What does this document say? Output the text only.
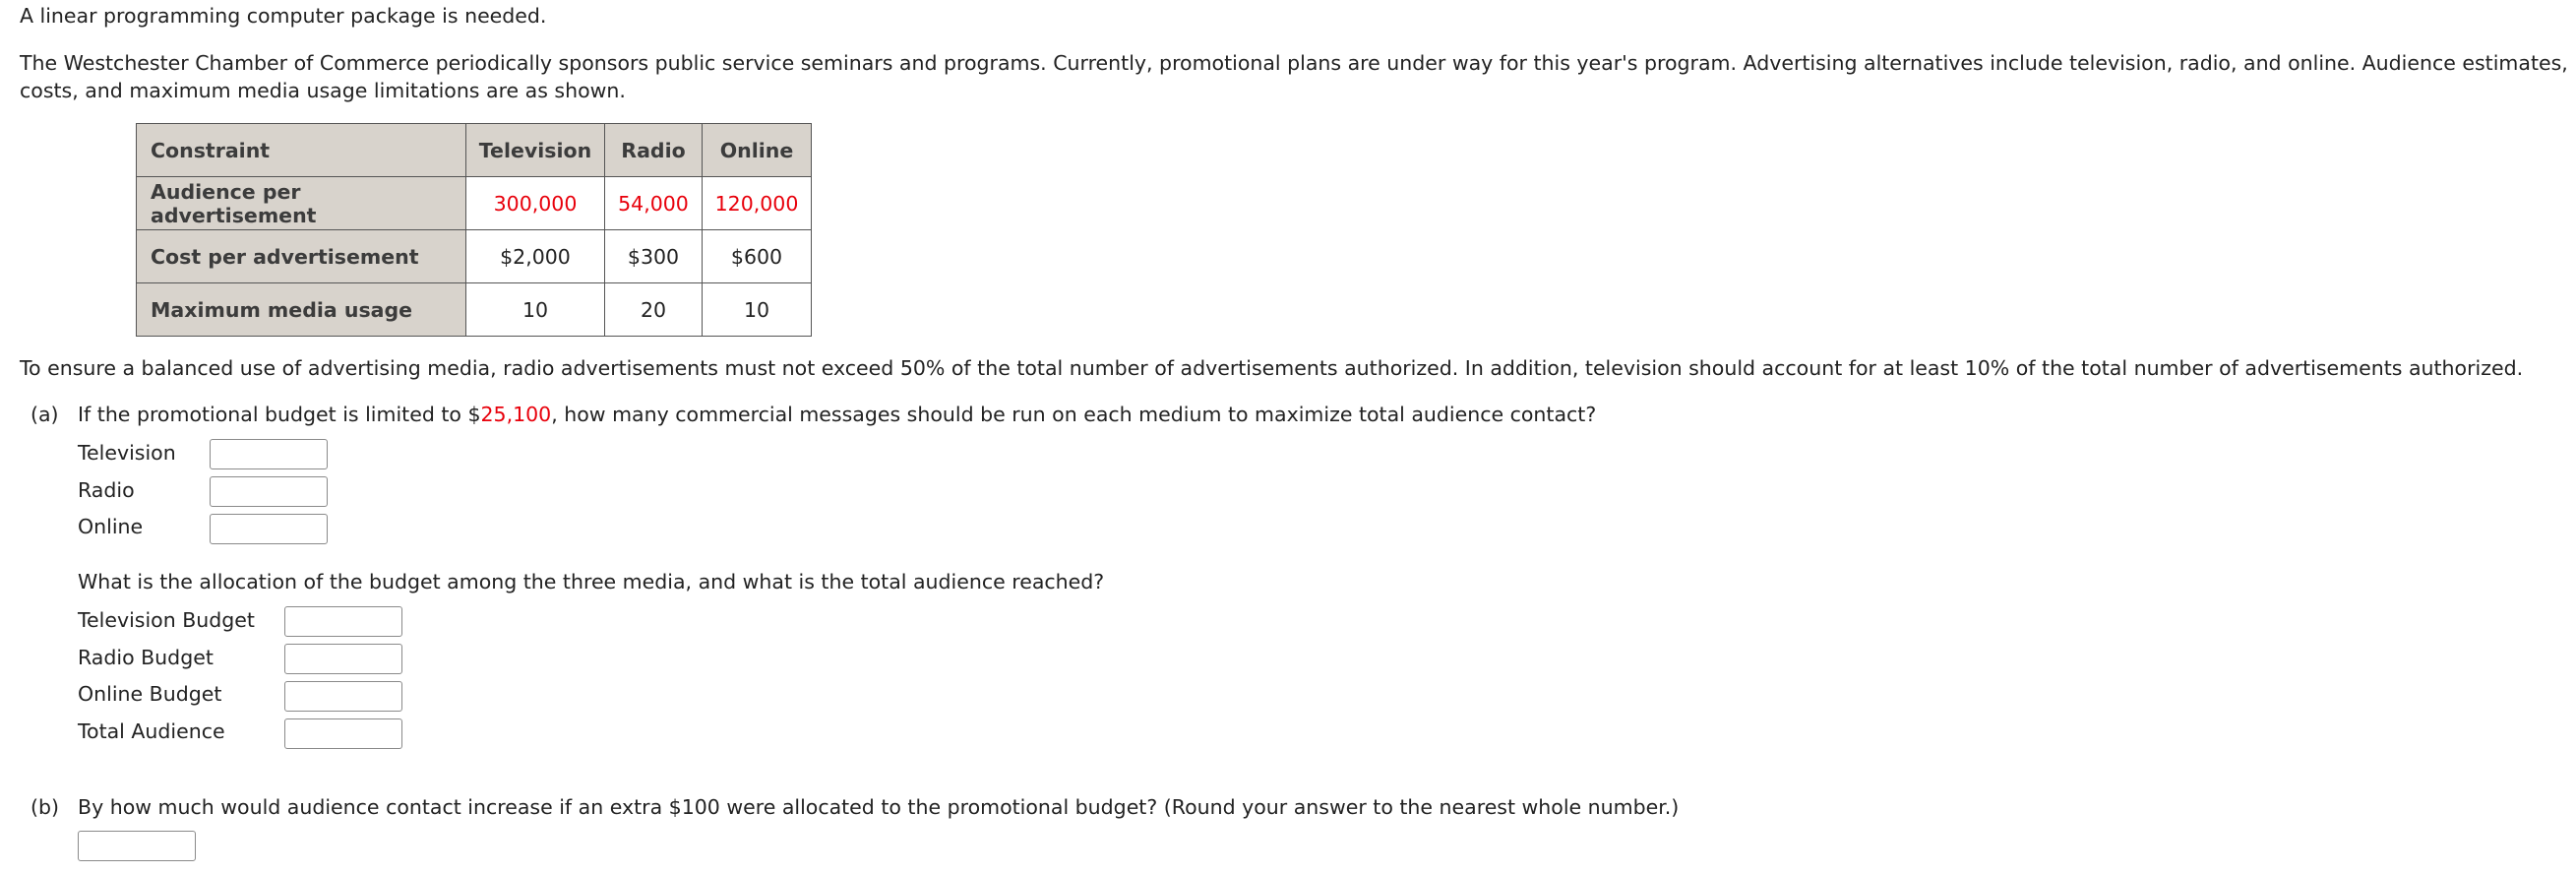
A linear programming computer package is needed.
The Westchester Chamber of Commerce periodically sponsors public service seminars and programs. Currently, promotional plans are under way for this year's program. Advertising alternatives include television, radio, and online. Audience estimates, costs, and maximum media usage limitations are as shown.
Constraint	Television	Radio	Online
Audience per advertisement	300,000	54,000	120,000
Cost per advertisement	$2,000	$300	$600
Maximum media usage	10	20	10
To ensure a balanced use of advertising media, radio advertisements must not exceed 50% of the total number of advertisements authorized. In addition, television should account for at least 10% of the total number of advertisements authorized.
(a) If the promotional budget is limited to $25,100, how many commercial messages should be run on each medium to maximize total audience contact?
Television
Radio
Online
What is the allocation of the budget among the three media, and what is the total audience reached?
Television Budget
Radio Budget
Online Budget
Total Audience
(b) By how much would audience contact increase if an extra $100 were allocated to the promotional budget? (Round your answer to the nearest whole number.)
